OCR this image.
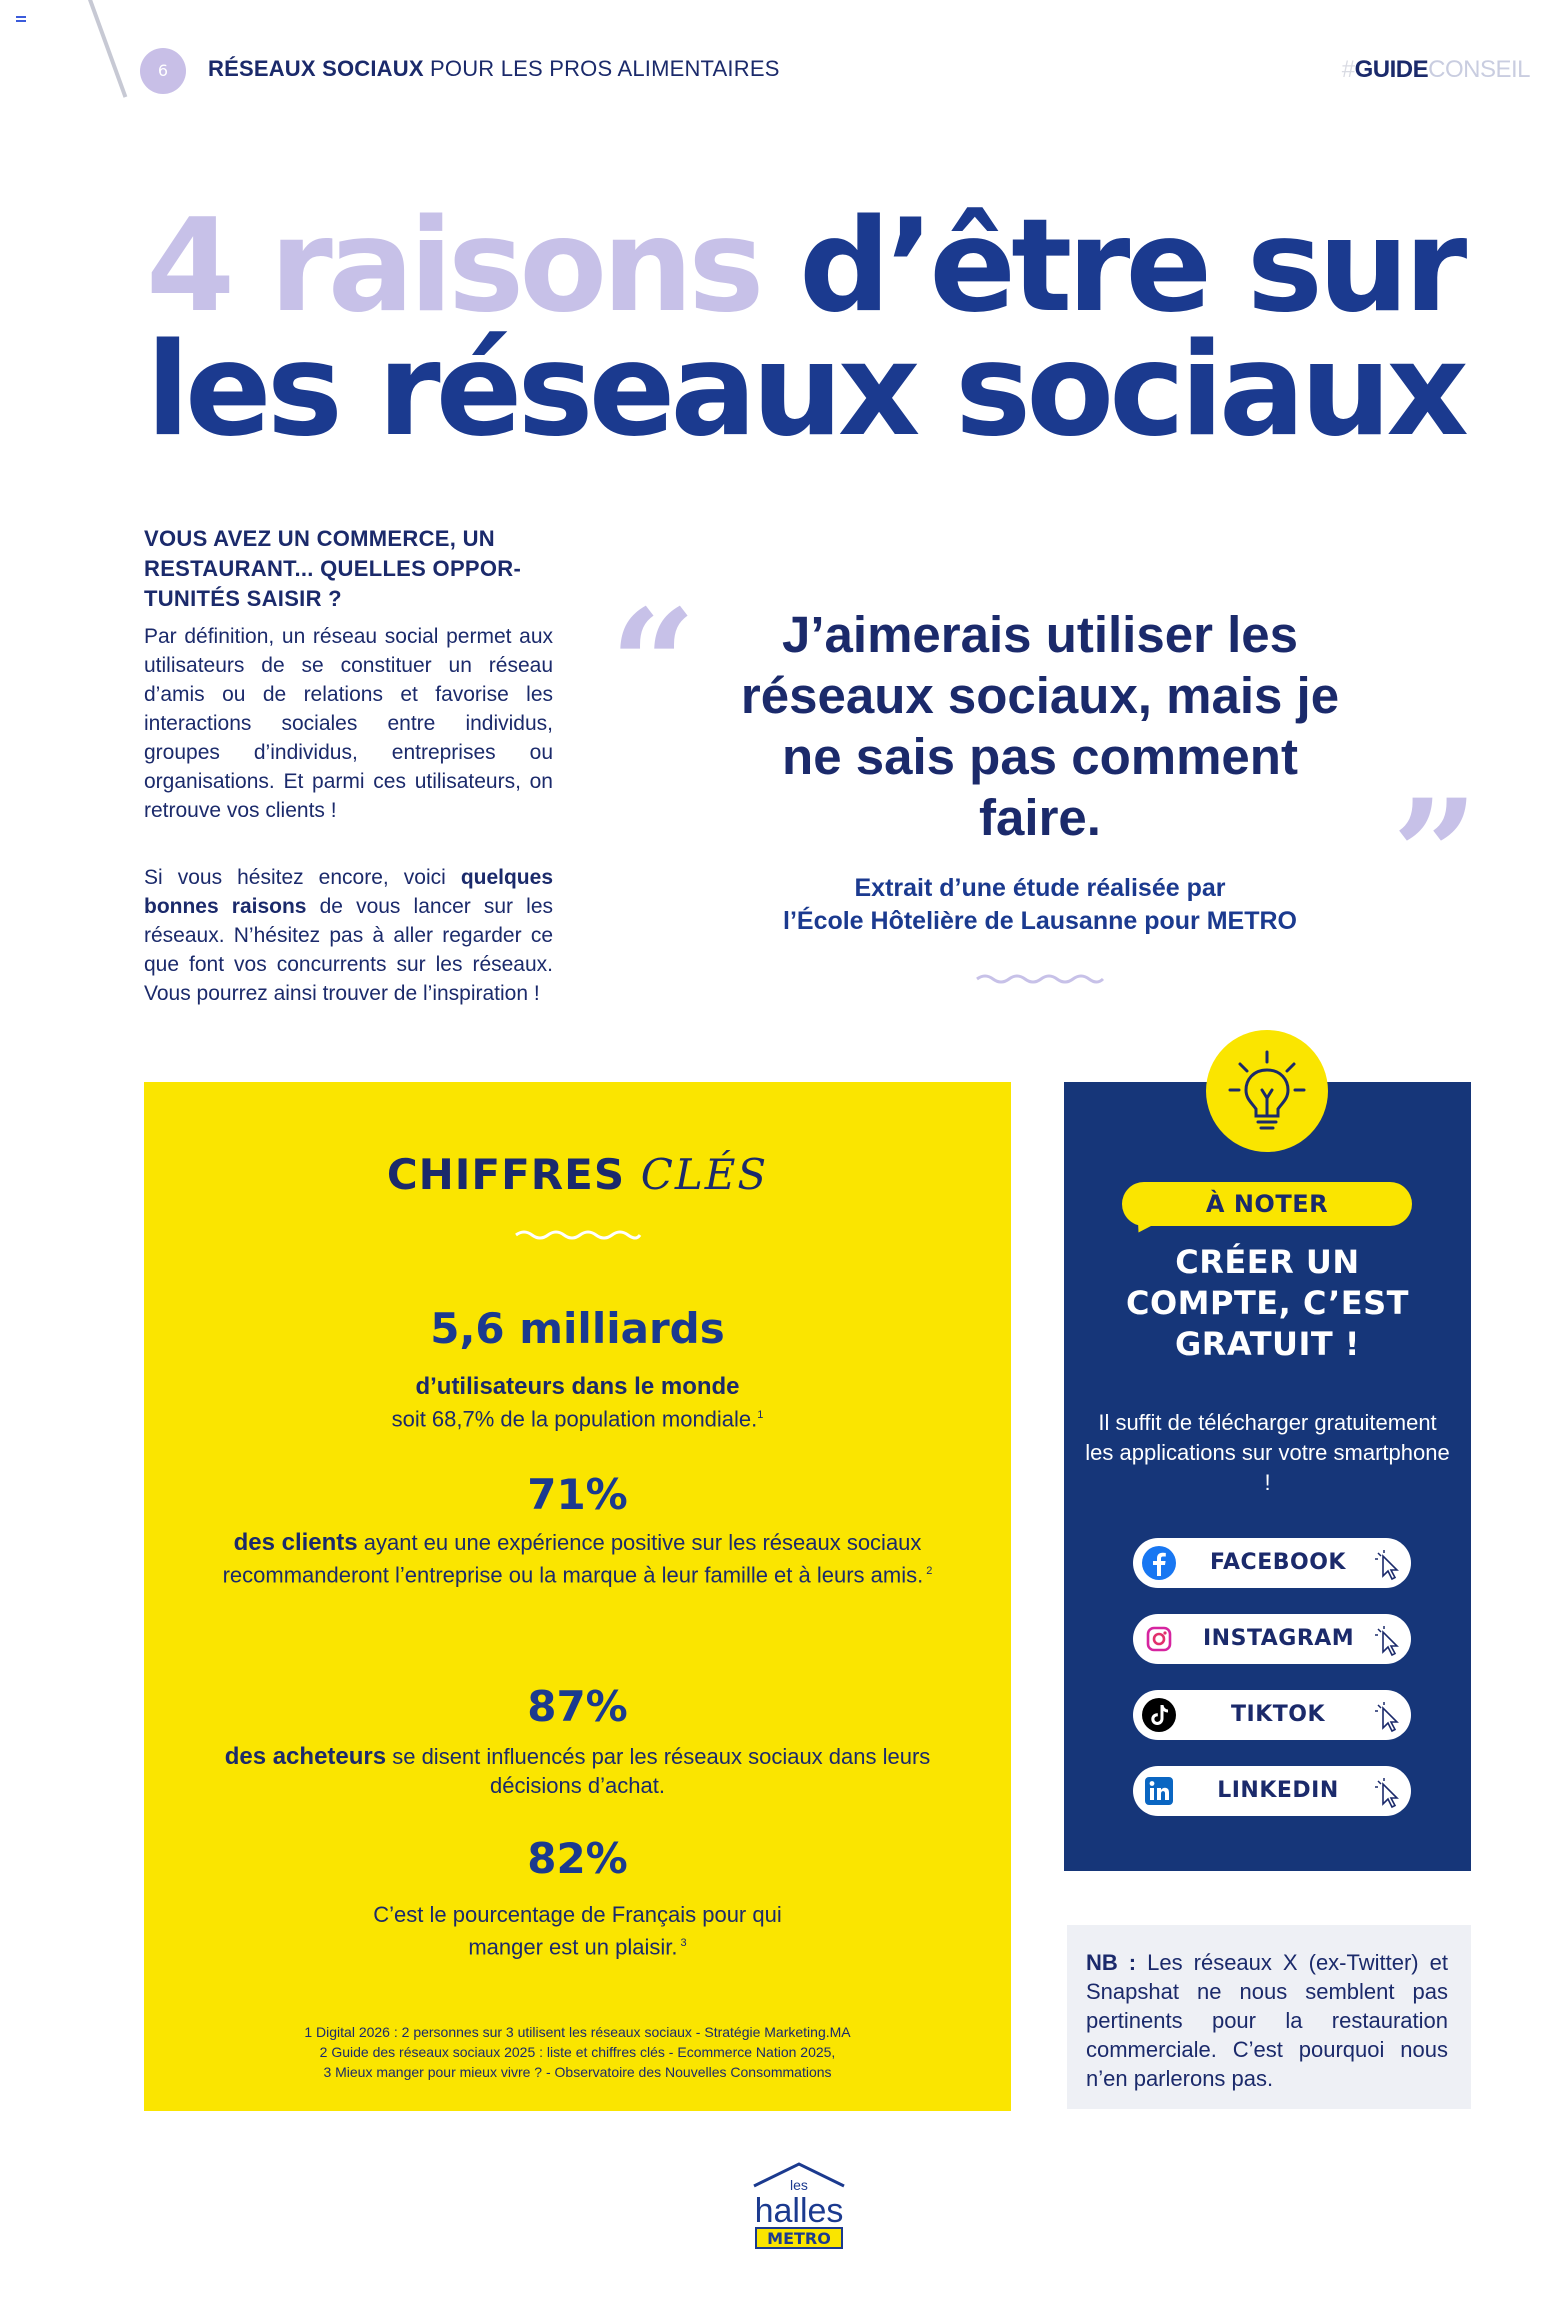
6	RÉSEAUX SOCIAUX POUR LES PROS ALIMENTAIRES	#GUIDECONSEIL
4 raisons d’être sur
les réseaux sociaux
VOUS AVEZ UN COMMERCE, UN RESTAURANT... QUELLES OPPOR-TUNITÉS SAISIR ?

Par définition, un réseau social permet aux utilisateurs de se constituer un réseau d’amis ou de relations et favorise les interactions sociales entre individus, groupes d’individus, entreprises ou organisations. Et parmi ces utilisateurs, on retrouve vos clients !

Si vous hésitez encore, voici quelques bonnes raisons de vous lancer sur les réseaux. N’hésitez pas à aller regarder ce que font vos concurrents sur les réseaux. Vous pourrez ainsi trouver de l’inspiration !

“	J’aimerais utiliser les réseaux sociaux, mais je ne sais pas comment faire.	”
Extrait d’une étude réalisée par
l’École Hôtelière de Lausanne pour METRO
CHIFFRES CLÉS
5,6 milliards
d’utilisateurs dans le monde
soit 68,7% de la population mondiale.$^1$
71%
des clients ayant eu une expérience positive sur les réseaux sociaux recommanderont l’entreprise ou la marque à leur famille et à leurs amis. $^2$
87%
des acheteurs se disent influencés par les réseaux sociaux dans leurs décisions d’achat.
82%
C’est le pourcentage de Français pour qui manger est un plaisir. $^3$
1 Digital 2026 : 2 personnes sur 3 utilisent les réseaux sociaux - Stratégie Marketing.MA
2 Guide des réseaux sociaux 2025 : liste et chiffres clés - Ecommerce Nation 2025,
3 Mieux manger pour mieux vivre ? - Observatoire des Nouvelles Consommations
À NOTER
CRÉER UN COMPTE, C’EST GRATUIT !
Il suffit de télécharger gratuitement les applications sur votre smartphone !
FACEBOOK
INSTAGRAM
TIKTOK
LINKEDIN
NB : Les réseaux X (ex-Twitter) et Snapshat ne nous semblent pas pertinents pour la restauration commerciale. C’est pourquoi nous n’en parlerons pas.
les
halles
METRO
